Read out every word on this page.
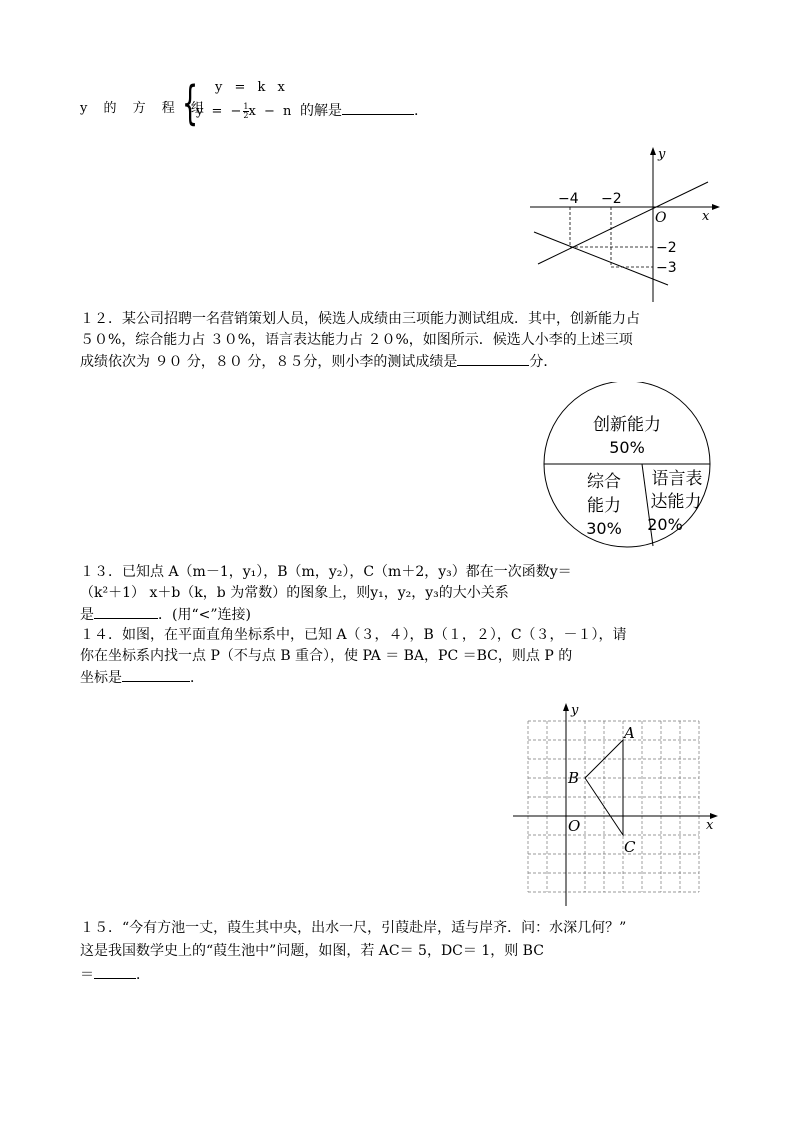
y 的 方 程 组
{ y = k x
y = − $\frac{1}{2}$ x − n 的解是	.
−4 −2
O	x
y
−2
−3
１２．某公司招聘一名营销策划人员，候选人成绩由三项能力测试组成．其中，创新能力占
５０%，综合能力占 ３０%，语言表达能力占 ２０%，如图所示．候选人小李的上述三项
成绩依次为 ９０ 分，８０ 分，８５分，则小李的测试成绩是	分．
创新能力
50%
综合
能力
30%
语言表
达能力
20%
１３．已知点 A（m－1，y₁），B（m，y₂），C（m＋2，y₃）都在一次函数y＝
（k²＋1） x＋b（k，b 为常数）的图象上，则y₁，y₂，y₃的大小关系
是	．(用“<”连接)
１４．如图，在平面直角坐标系中，已知 A（３，４），B（１，２），C（３，－１），请
你在坐标系内找一点 P（不与点 B 重合），使 PA ＝ BA，PC ＝BC，则点 P 的
坐标是	．
A
B
C
O	x
y
１５．“今有方池一丈，葭生其中央，出水一尺，引葭赴岸，适与岸齐．问：水深几何？”
这是我国数学史上的“葭生池中”问题，如图，若 AC＝ 5，DC＝ 1，则 BC
＝	．
